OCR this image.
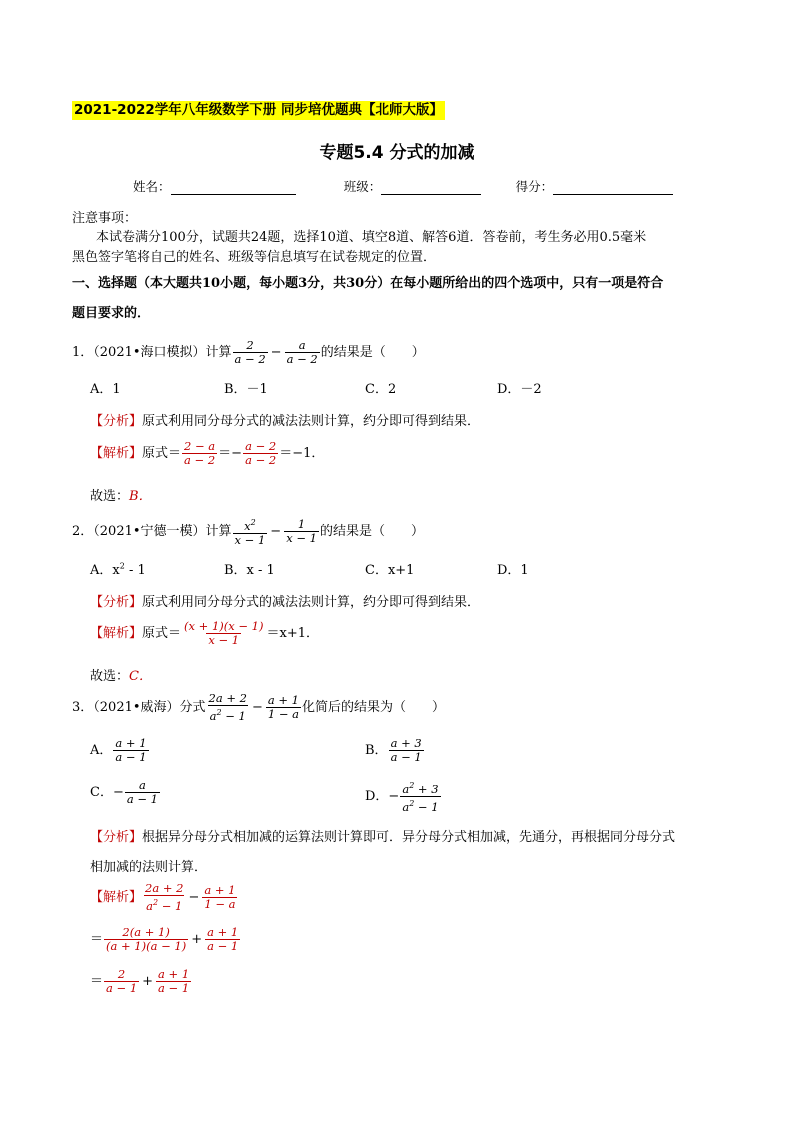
2021-2022学年八年级数学下册 同步培优题典【北师大版】
专题5.4 分式的加减
姓名：	班级：	得分：
注意事项：
本试卷满分100分，试题共24题，选择10道、填空8道、解答6道．答卷前，考生务必用0.5毫米
黑色签字笔将自己的姓名、班级等信息填写在试卷规定的位置．
一、选择题（本大题共10小题，每小题3分，共30分）在每小题所给出的四个选项中，只有一项是符合
题目要求的．
1．（2021•海口模拟）计算 $\frac{2}{a - 2} - \frac{a}{a - 2}$ 的结果是（　　）
A．1	B．－1	C．2	D．－2
【分析】原式利用同分母分式的减法法则计算，约分即可得到结果．
【解析】原式＝ $\frac{2 - a}{a - 2} =- \frac{a - 2}{a - 2} =-1$．
故选：B．
2．（2021•宁德一模）计算 $\frac{x^2}{x - 1} - \frac{1}{x - 1}$ 的结果是（　　）
A．$x^2 - 1$	B．x - 1	C．x+1	D．1
【分析】原式利用同分母分式的减法法则计算，约分即可得到结果．
【解析】原式＝ $\frac{(x + 1)(x - 1)}{x - 1} =x+1$．
故选：C．
3．（2021•威海）分式 $\frac{2a + 2}{a^2 - 1} - \frac{a + 1}{1 - a}$ 化简后的结果为（　　）
A． $\frac{a + 1}{a - 1}$	B． $\frac{a + 3}{a - 1}$
C．− $\frac{a}{a - 1}$	D．− $\frac{a^2 + 3}{a^2 - 1}$
【分析】根据异分母分式相加减的运算法则计算即可．异分母分式相加减，先通分，再根据同分母分式
相加减的法则计算．
【解析】 $\frac{2a + 2}{a^2 - 1} - \frac{a + 1}{1 - a}$
＝ $\frac{2(a + 1)}{(a + 1)(a - 1)} + \frac{a + 1}{a - 1}$
＝ $\frac{2}{a - 1} + \frac{a + 1}{a - 1}$
